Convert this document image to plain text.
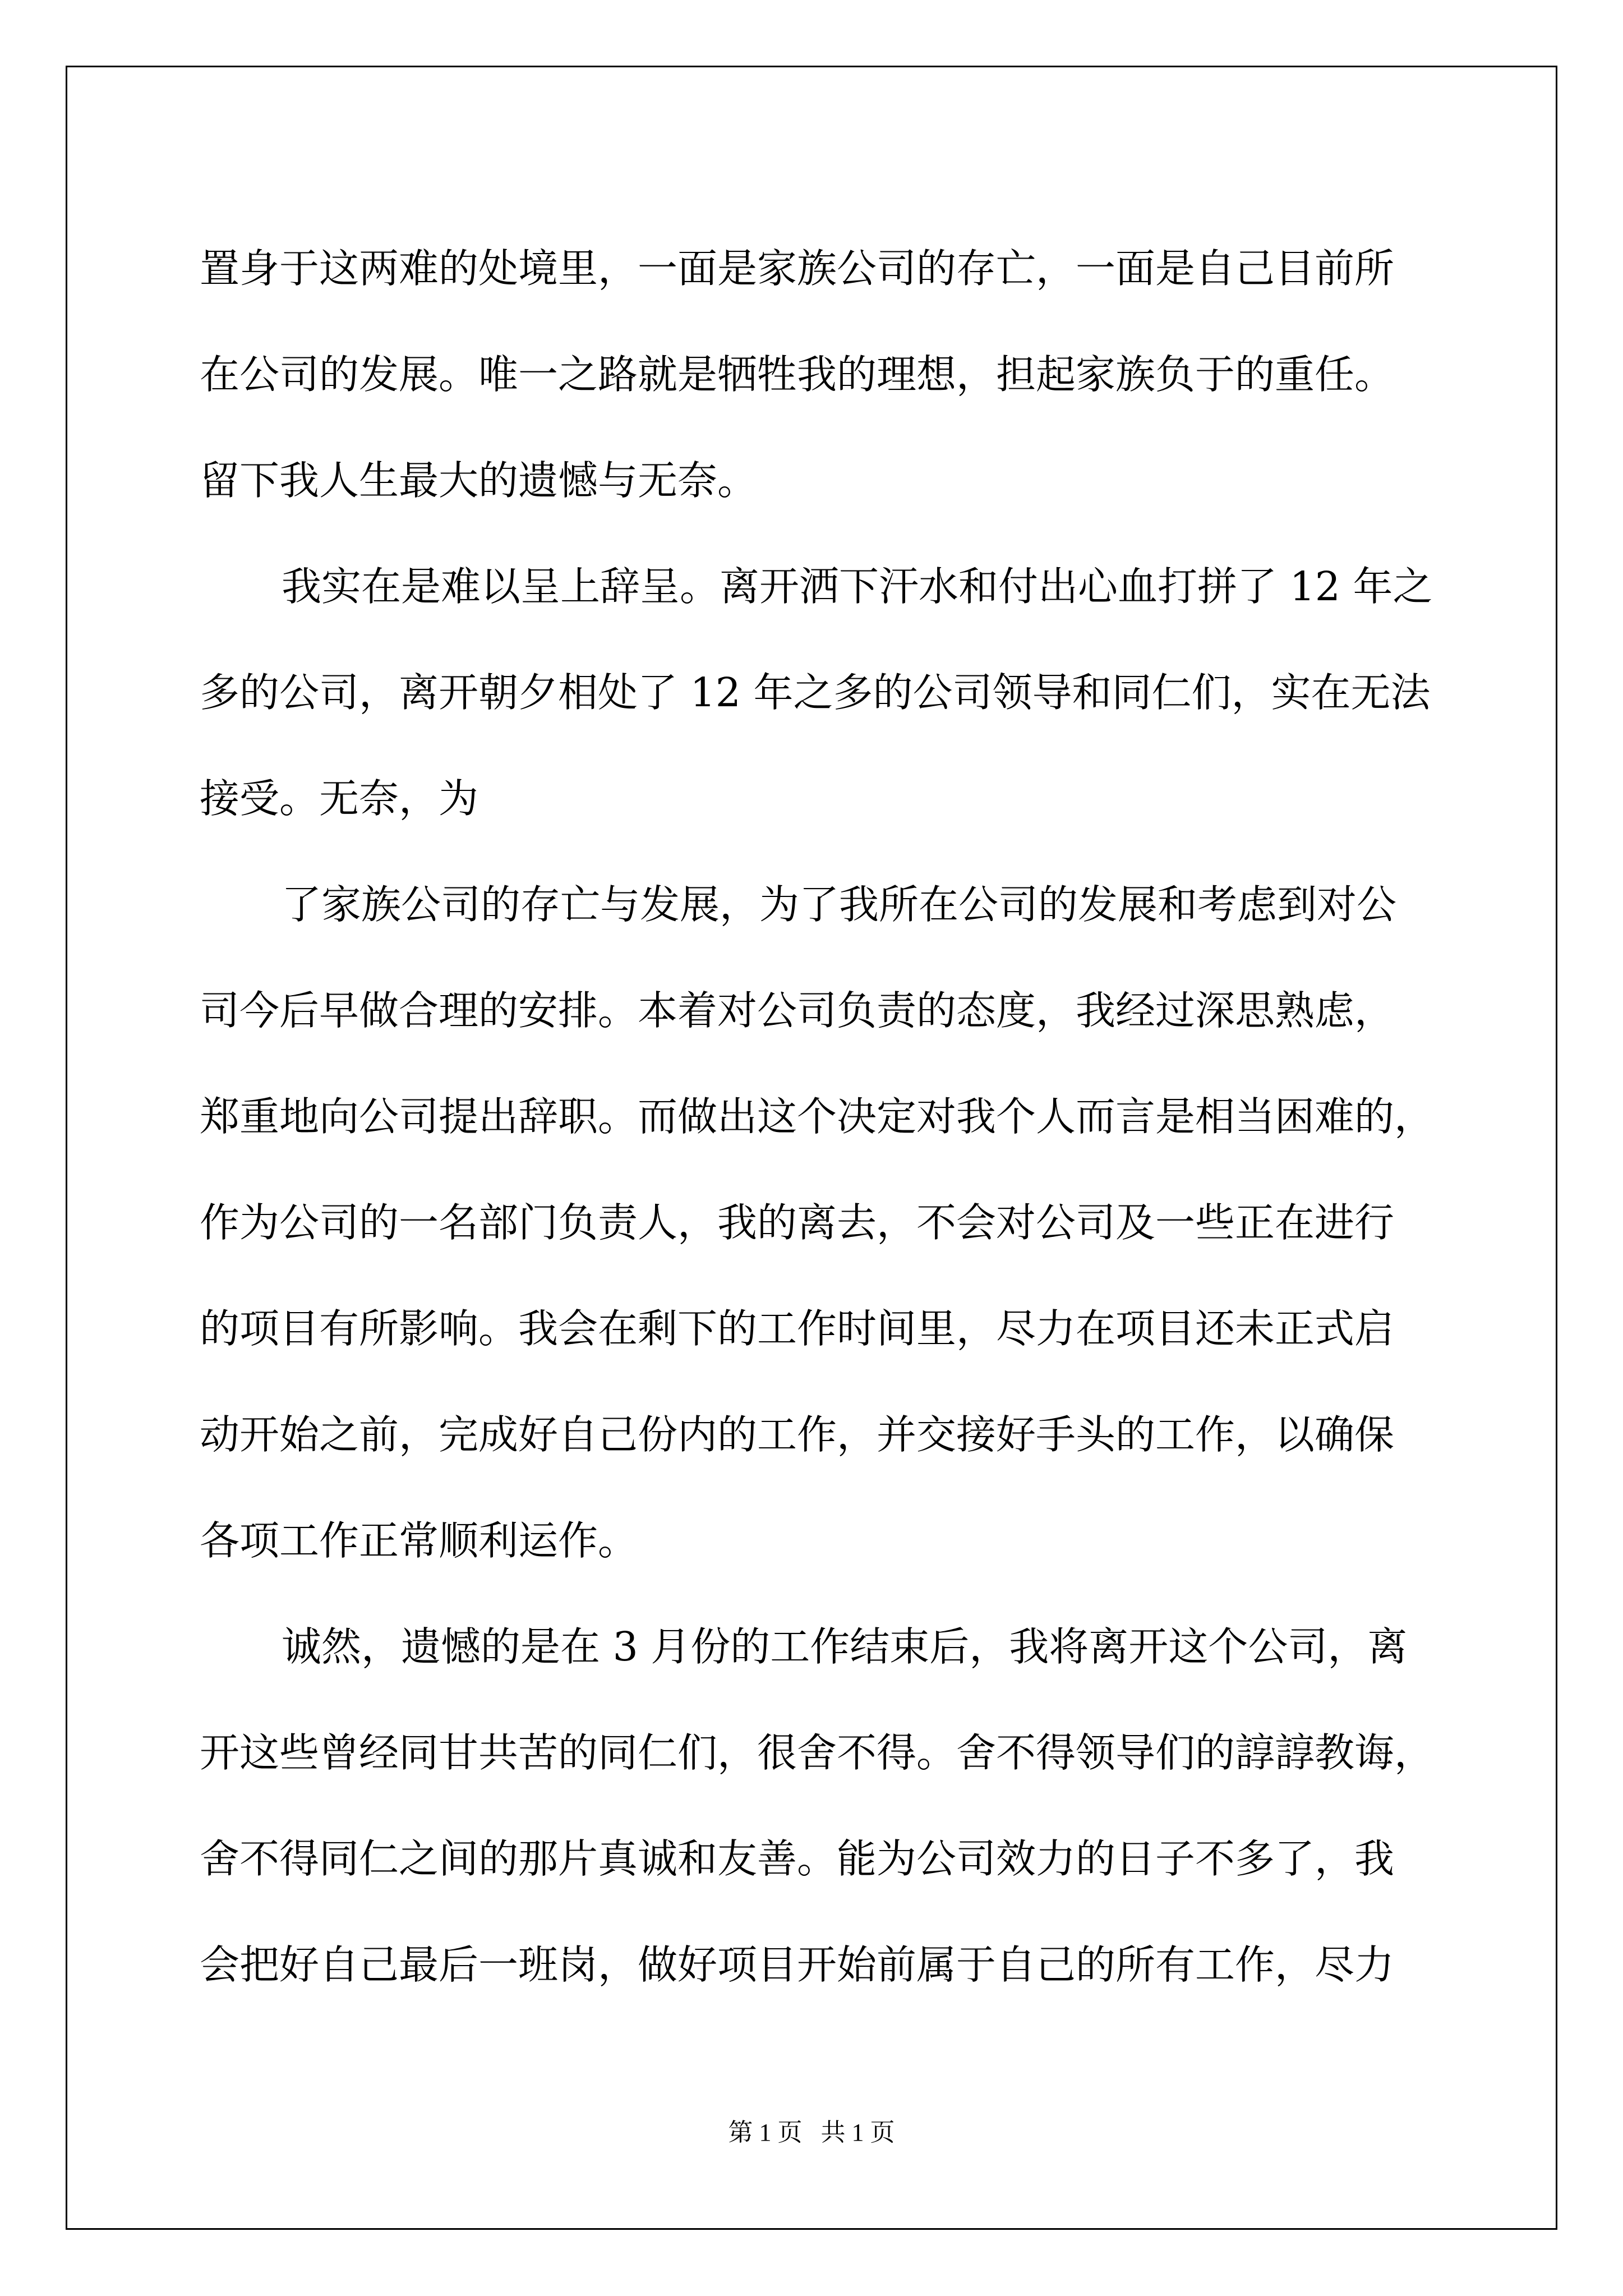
置身于这两难的处境里，一面是家族公司的存亡，一面是自己目前所
在公司的发展。唯一之路就是牺牲我的理想，担起家族负于的重任。
留下我人生最大的遗憾与无奈。
我实在是难以呈上辞呈。离开洒下汗水和付出心血打拼了 12 年之
多的公司，离开朝夕相处了 12 年之多的公司领导和同仁们，实在无法
接受。无奈，为
了家族公司的存亡与发展，为了我所在公司的发展和考虑到对公
司今后早做合理的安排。本着对公司负责的态度，我经过深思熟虑，
郑重地向公司提出辞职。而做出这个决定对我个人而言是相当困难的，
作为公司的一名部门负责人，我的离去，不会对公司及一些正在进行
的项目有所影响。我会在剩下的工作时间里，尽力在项目还未正式启
动开始之前，完成好自己份内的工作，并交接好手头的工作，以确保
各项工作正常顺利运作。
诚然，遗憾的是在 3 月份的工作结束后，我将离开这个公司，离
开这些曾经同甘共苦的同仁们，很舍不得。舍不得领导们的諄諄教诲，
舍不得同仁之间的那片真诚和友善。能为公司效力的日子不多了，我
会把好自己最后一班岗，做好项目开始前属于自己的所有工作，尽力
第 1 页   共 1 页
